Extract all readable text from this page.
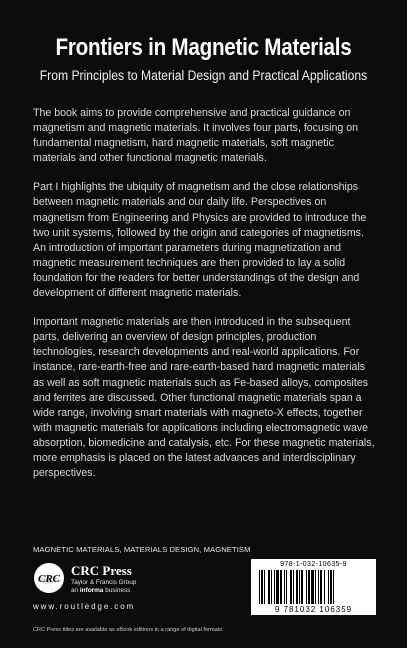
Frontiers in Magnetic Materials
From Principles to Material Design and Practical Applications

The book aims to provide comprehensive and practical guidance on magnetism and magnetic materials. It involves four parts, focusing on fundamental magnetism, hard magnetic materials, soft magnetic materials and other functional magnetic materials.

Part I highlights the ubiquity of magnetism and the close relationships between magnetic materials and our daily life. Perspectives on magnetism from Engineering and Physics are provided to introduce the two unit systems, followed by the origin and categories of magnetisms. An introduction of important parameters during magnetization and magnetic measurement techniques are then provided to lay a solid foundation for the readers for better understandings of the design and development of different magnetic materials.

Important magnetic materials are then introduced in the subsequent parts, delivering an overview of design principles, production technologies, research developments and real-world applications. For instance, rare-earth-free and rare-earth-based hard magnetic materials as well as soft magnetic materials such as Fe-based alloys, composites and ferrites are discussed. Other functional magnetic materials span a wide range, involving smart materials with magneto-X effects, together with magnetic materials for applications including electromagnetic wave absorption, biomedicine and catalysis, etc. For these magnetic materials, more emphasis is placed on the latest advances and interdisciplinary perspectives.

MAGNETIC MATERIALS, MATERIALS DESIGN, MAGNETISM
CRC
CRC Press
Taylor & Francis Group
an informa business
www.routledge.com
CRC Press titles are available as eBook editions in a range of digital formats
978-1-032-10635-9
9 781032 106359
